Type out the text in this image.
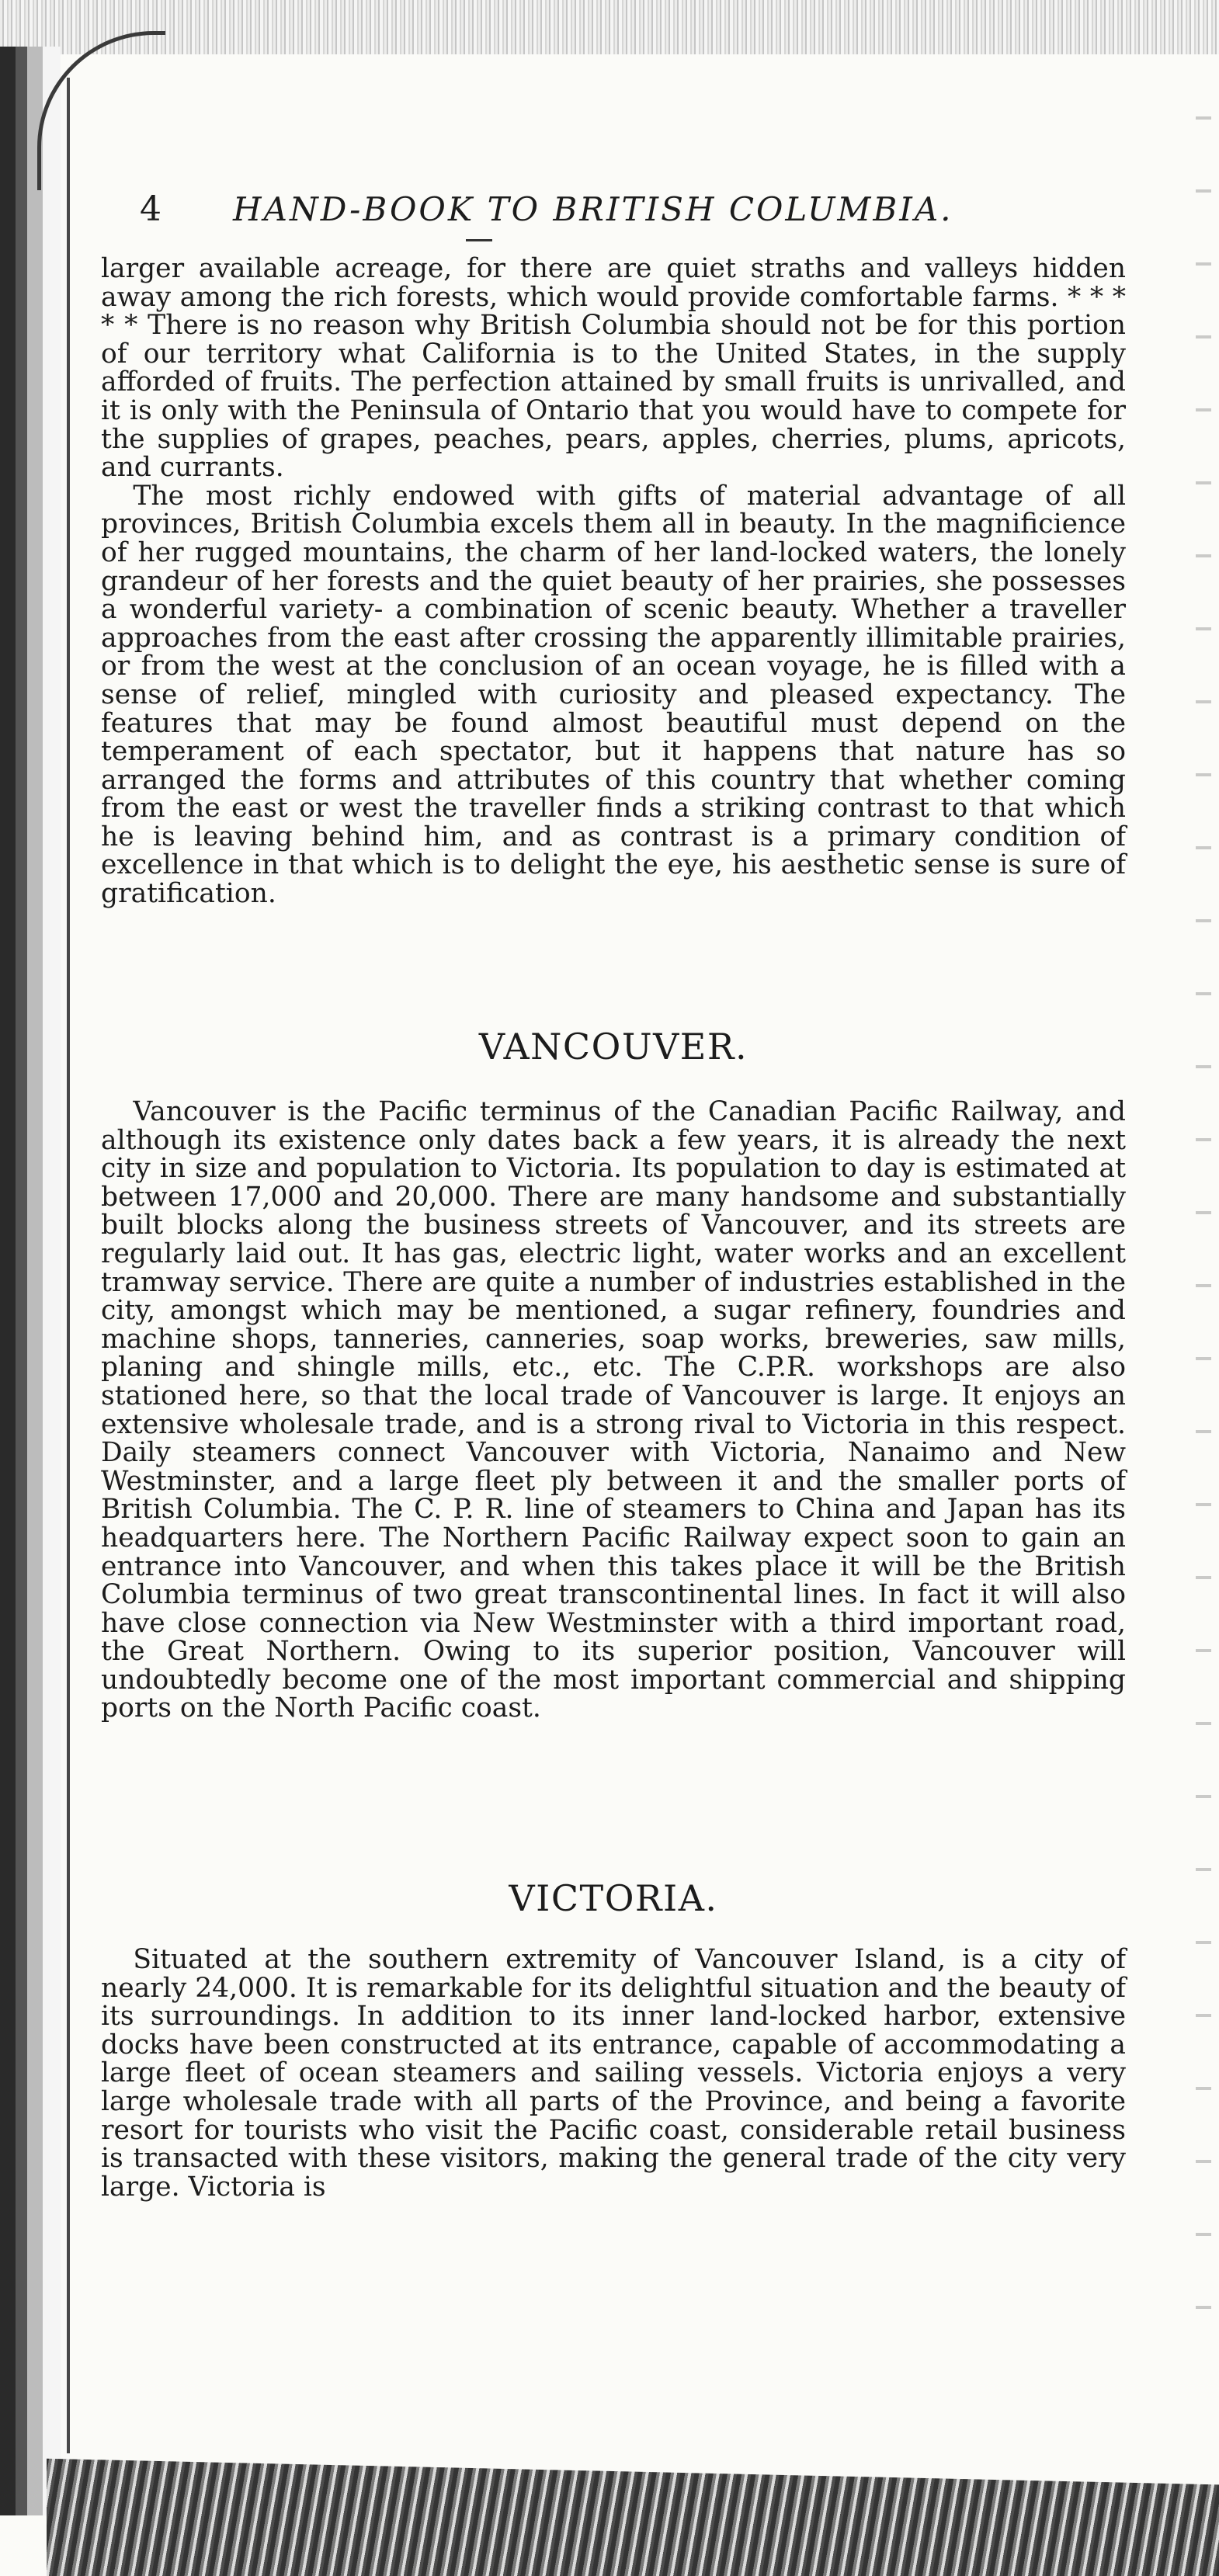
4 HAND-BOOK TO BRITISH COLUMBIA.

larger available acreage, for there are quiet straths and valleys hidden away among the rich forests, which would provide comfortable farms. * * * * * There is no reason why British Columbia should not be for this portion of our territory what California is to the United States, in the supply afforded of fruits. The perfection attained by small fruits is unrivalled, and it is only with the Peninsula of Ontario that you would have to compete for the supplies of grapes, peaches, pears, apples, cherries, plums, apricots, and currants.

The most richly endowed with gifts of material advantage of all provinces, British Columbia excels them all in beauty. In the magnificience of her rugged mountains, the charm of her land-locked waters, the lonely grandeur of her forests and the quiet beauty of her prairies, she possesses a wonderful variety- a combination of scenic beauty. Whether a traveller approaches from the east after crossing the apparently illimitable prairies, or from the west at the conclusion of an ocean voyage, he is filled with a sense of relief, mingled with curiosity and pleased expectancy. The features that may be found almost beautiful must depend on the temperament of each spectator, but it happens that nature has so arranged the forms and attributes of this country that whether coming from the east or west the traveller finds a striking contrast to that which he is leaving behind him, and as contrast is a primary condition of excellence in that which is to delight the eye, his aesthetic sense is sure of gratification.

VANCOUVER.

Vancouver is the Pacific terminus of the Canadian Pacific Railway, and although its existence only dates back a few years, it is already the next city in size and population to Victoria. Its population to day is estimated at between 17,000 and 20,000. There are many handsome and substantially built blocks along the business streets of Vancouver, and its streets are regularly laid out. It has gas, electric light, water works and an excellent tramway service. There are quite a number of industries established in the city, amongst which may be mentioned, a sugar refinery, foundries and machine shops, tanneries, canneries, soap works, breweries, saw mills, planing and shingle mills, etc., etc. The C.P.R. workshops are also stationed here, so that the local trade of Vancouver is large. It enjoys an extensive wholesale trade, and is a strong rival to Victoria in this respect. Daily steamers connect Vancouver with Victoria, Nanaimo and New Westminster, and a large fleet ply between it and the smaller ports of British Columbia. The C. P. R. line of steamers to China and Japan has its headquarters here. The Northern Pacific Railway expect soon to gain an entrance into Vancouver, and when this takes place it will be the British Columbia terminus of two great transcontinental lines. In fact it will also have close connection via New Westminster with a third important road, the Great Northern. Owing to its superior position, Vancouver will undoubtedly become one of the most important commercial and shipping ports on the North Pacific coast.

VICTORIA.

Situated at the southern extremity of Vancouver Island, is a city of nearly 24,000. It is remarkable for its delightful situation and the beauty of its surroundings. In addition to its inner land-locked harbor, extensive docks have been constructed at its entrance, capable of accommodating a large fleet of ocean steamers and sailing vessels. Victoria enjoys a very large wholesale trade with all parts of the Province, and being a favorite resort for tourists who visit the Pacific coast, considerable retail business is transacted with these visitors, making the general trade of the city very large. Victoria is
